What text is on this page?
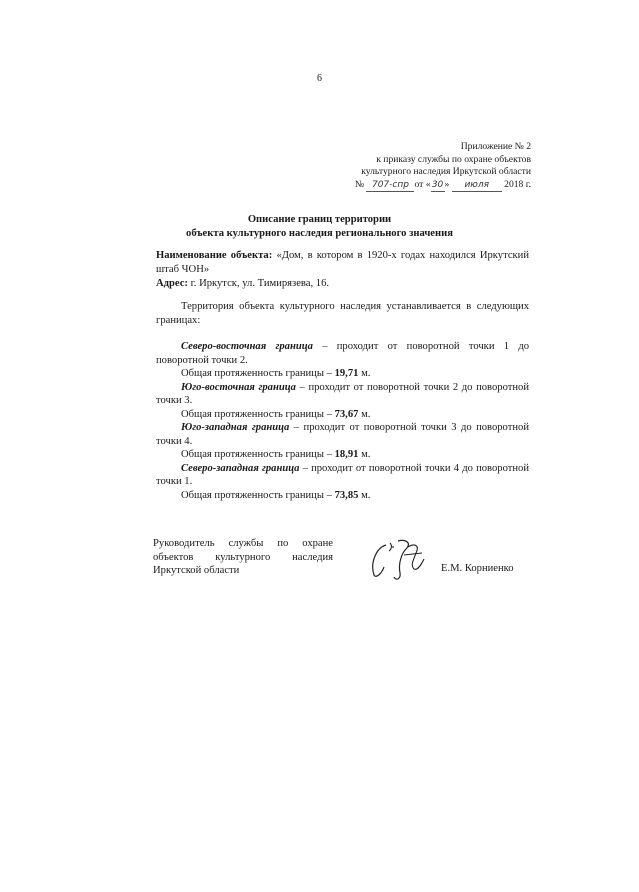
6
Приложение № 2
к приказу службы по охране объектов
культурного наследия Иркутской области
№ 707-спр от «30» июля 2018 г.
Описание границ территории
объекта культурного наследия регионального значения
Наименование объекта: «Дом, в котором в 1920-х годах находился Иркутский штаб ЧОН»
Адрес: г. Иркутск, ул. Тимирязева, 16.
Территория объекта культурного наследия устанавливается в следующих границах:
Северо-восточная граница – проходит от поворотной точки 1 до поворотной точки 2.
Общая протяженность границы – 19,71 м.
Юго-восточная граница – проходит от поворотной точки 2 до поворотной точки 3.
Общая протяженность границы – 73,67 м.
Юго-западная граница – проходит от поворотной точки 3 до поворотной точки 4.
Общая протяженность границы – 18,91 м.
Северо-западная граница – проходит от поворотной точки 4 до поворотной точки 1.
Общая протяженность границы – 73,85 м.
Руководитель службы по охране
объектов культурного наследия
Иркутской области	Е.М. Корниенко
